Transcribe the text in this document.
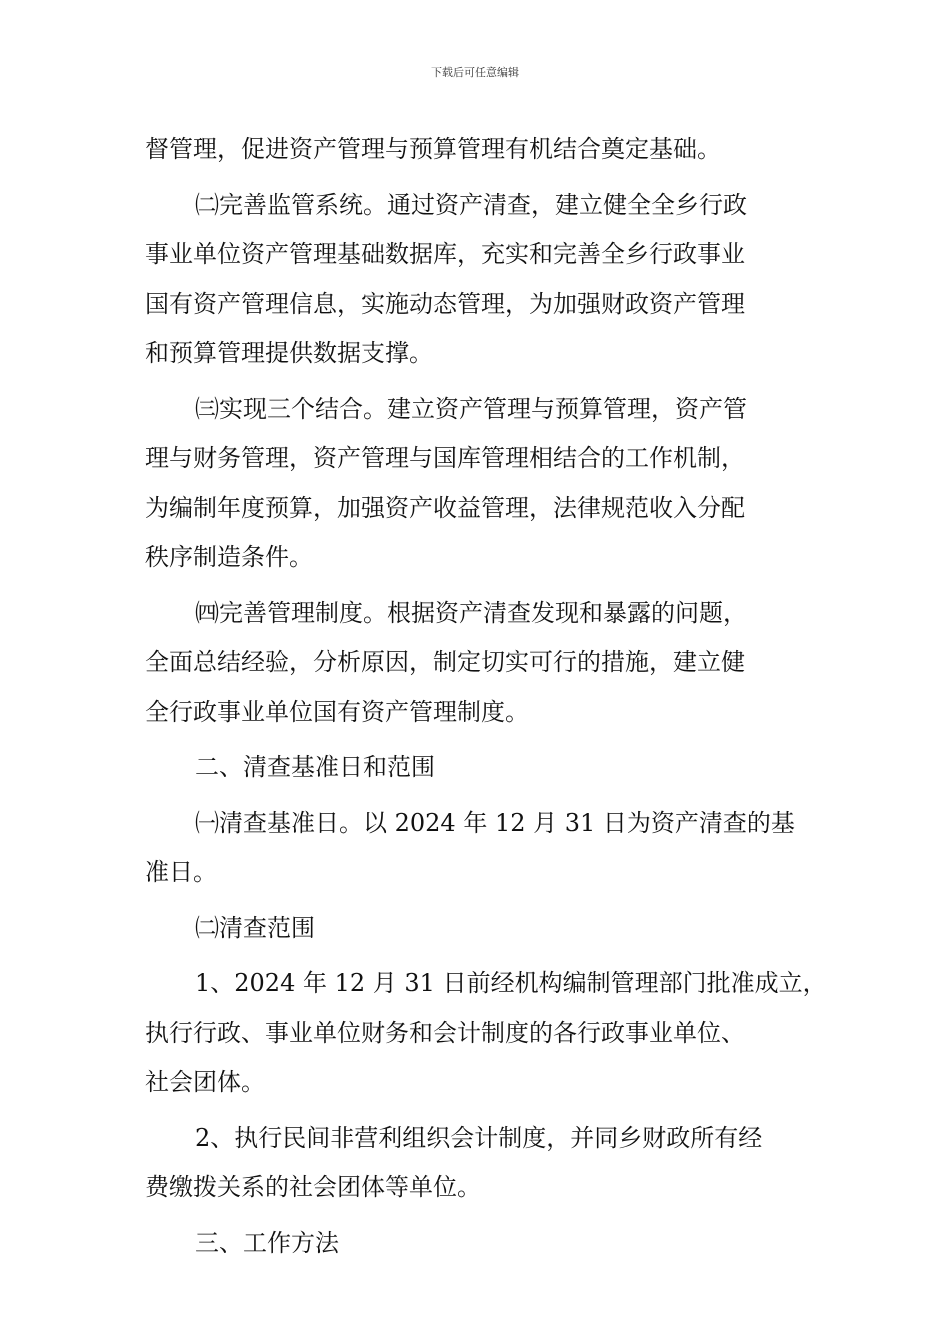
下载后可任意编辑
督管理，促进资产管理与预算管理有机结合奠定基础。
㈡完善监管系统。通过资产清查，建立健全全乡行政
事业单位资产管理基础数据库，充实和完善全乡行政事业
国有资产管理信息，实施动态管理，为加强财政资产管理
和预算管理提供数据支撑。
㈢实现三个结合。建立资产管理与预算管理，资产管
理与财务管理，资产管理与国库管理相结合的工作机制，
为编制年度预算，加强资产收益管理，法律规范收入分配
秩序制造条件。
㈣完善管理制度。根据资产清查发现和暴露的问题，
全面总结经验，分析原因，制定切实可行的措施，建立健
全行政事业单位国有资产管理制度。
二、清查基准日和范围
㈠清查基准日。以 2024 年 12 月 31 日为资产清查的基
准日。
㈡清查范围
1、2024 年 12 月 31 日前经机构编制管理部门批准成立，
执行行政、事业单位财务和会计制度的各行政事业单位、
社会团体。
2、执行民间非营利组织会计制度，并同乡财政所有经
费缴拨关系的社会团体等单位。
三、工作方法
